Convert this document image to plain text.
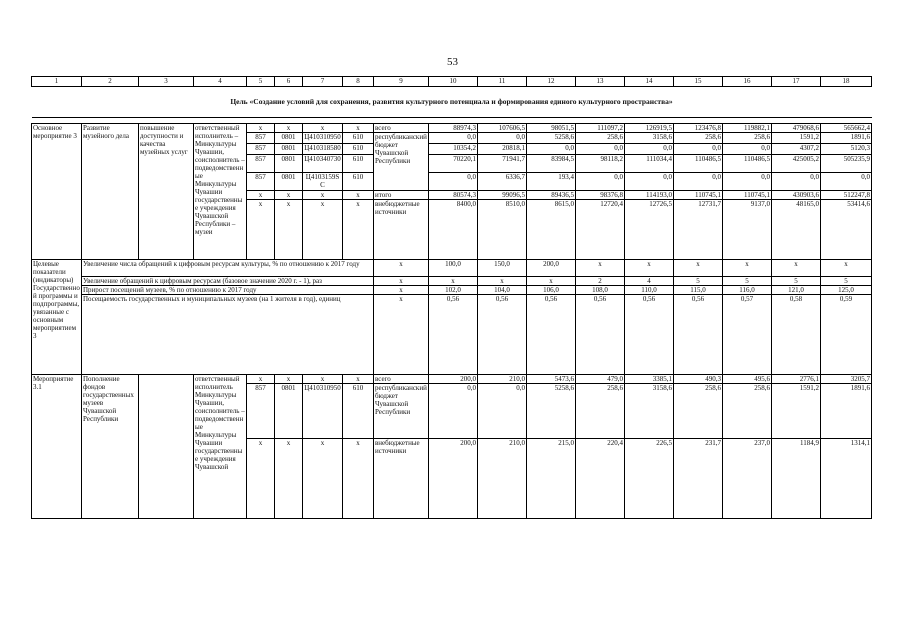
53
1	2	3	4	5	6	7	8	9	10	11	12	13	14	15	16	17	18
Цель «Создание условий для сохранения, развития культурного потенциала и формирования единого культурного пространства»																	

Основное мероприятие 3	Развитие музейного дела	повышение доступности и качества музейных услуг	ответственный исполнитель – Минкультуры Чувашии, соисполнитель – подведомственные Минкультуры Чувашии государственные учреждения Чувашской Республики – музеи	х	х	х	х	всего	88974,3	107606,5	98051,5	111097,2	126919,5	123476,8	119882,1	479068,6	565662,4
				857	0801	Ц410310950	610	республиканский бюджет Чувашской Республики	0,0	0,0	5258,6	258,6	3158,6	258,6	258,6	1591,2	1891,6
				857	0801	Ц410318580	610		10354,2	20818,1	0,0	0,0	0,0	0,0	0,0	4307,2	5120,3
				857	0801	Ц410340730	610		70220,1	71941,7	83984,5	98118,2	111034,4	110486,5	110486,5	425005,2	505235,9
				857	0801	Ц4103159SC	610		0,0	6336,7	193,4	0,0	0,0	0,0	0,0	0,0	0,0
				х	х	х	х	итого	80574,3	99096,5	89436,5	98376,8	114193,0	110745,1	110745,1	430903,6	512247,8
				х	х	х	х	внебюджетные источники	8400,0	8510,0	8615,0	12720,4	12726,5	12731,7	9137,0	48165,0	53414,6
Целевые показатели (индикаторы) Государственной программы и подпрограммы, увязанные с основным мероприятием 3	Увеличение числа обращений к цифровым ресурсам культуры, % по отношению к 2017 году							х	100,0	150,0	200,0	х	х	х	х	х	х
	Увеличение обращений к цифровым ресурсам (базовое значение 2020 г. - 1), раз							х	х	х	х	2	4	5	5	5	5
	Прирост посещений музеев, % по отношению к 2017 году							х	102,0	104,0	106,0	108,0	110,0	115,0	116,0	121,0	125,0
	Посещаемость государственных и муниципальных музеев (на 1 жителя в год), единиц							х	0,56	0,56	0,56	0,56	0,56	0,56	0,57	0,58	0,59
Мероприятие 3.1	Пополнение фондов государственных музеев Чувашской Республики		ответственный исполнитель Минкультуры Чувашии, соисполнитель – подведомственные Минкультуры Чувашии государственные учреждения Чувашской	х	х	х	х	всего	200,0	210,0	5473,6	479,0	3385,1	490,3	495,6	2776,1	3205,7
				857	0801	Ц410310950	610	республиканский бюджет Чувашской Республики	0,0	0,0	5258,6	258,6	3158,6	258,6	258,6	1591,2	1891,6
				х	х	х	х	внебюджетные источники	200,0	210,0	215,0	220,4	226,5	231,7	237,0	1184,9	1314,1
